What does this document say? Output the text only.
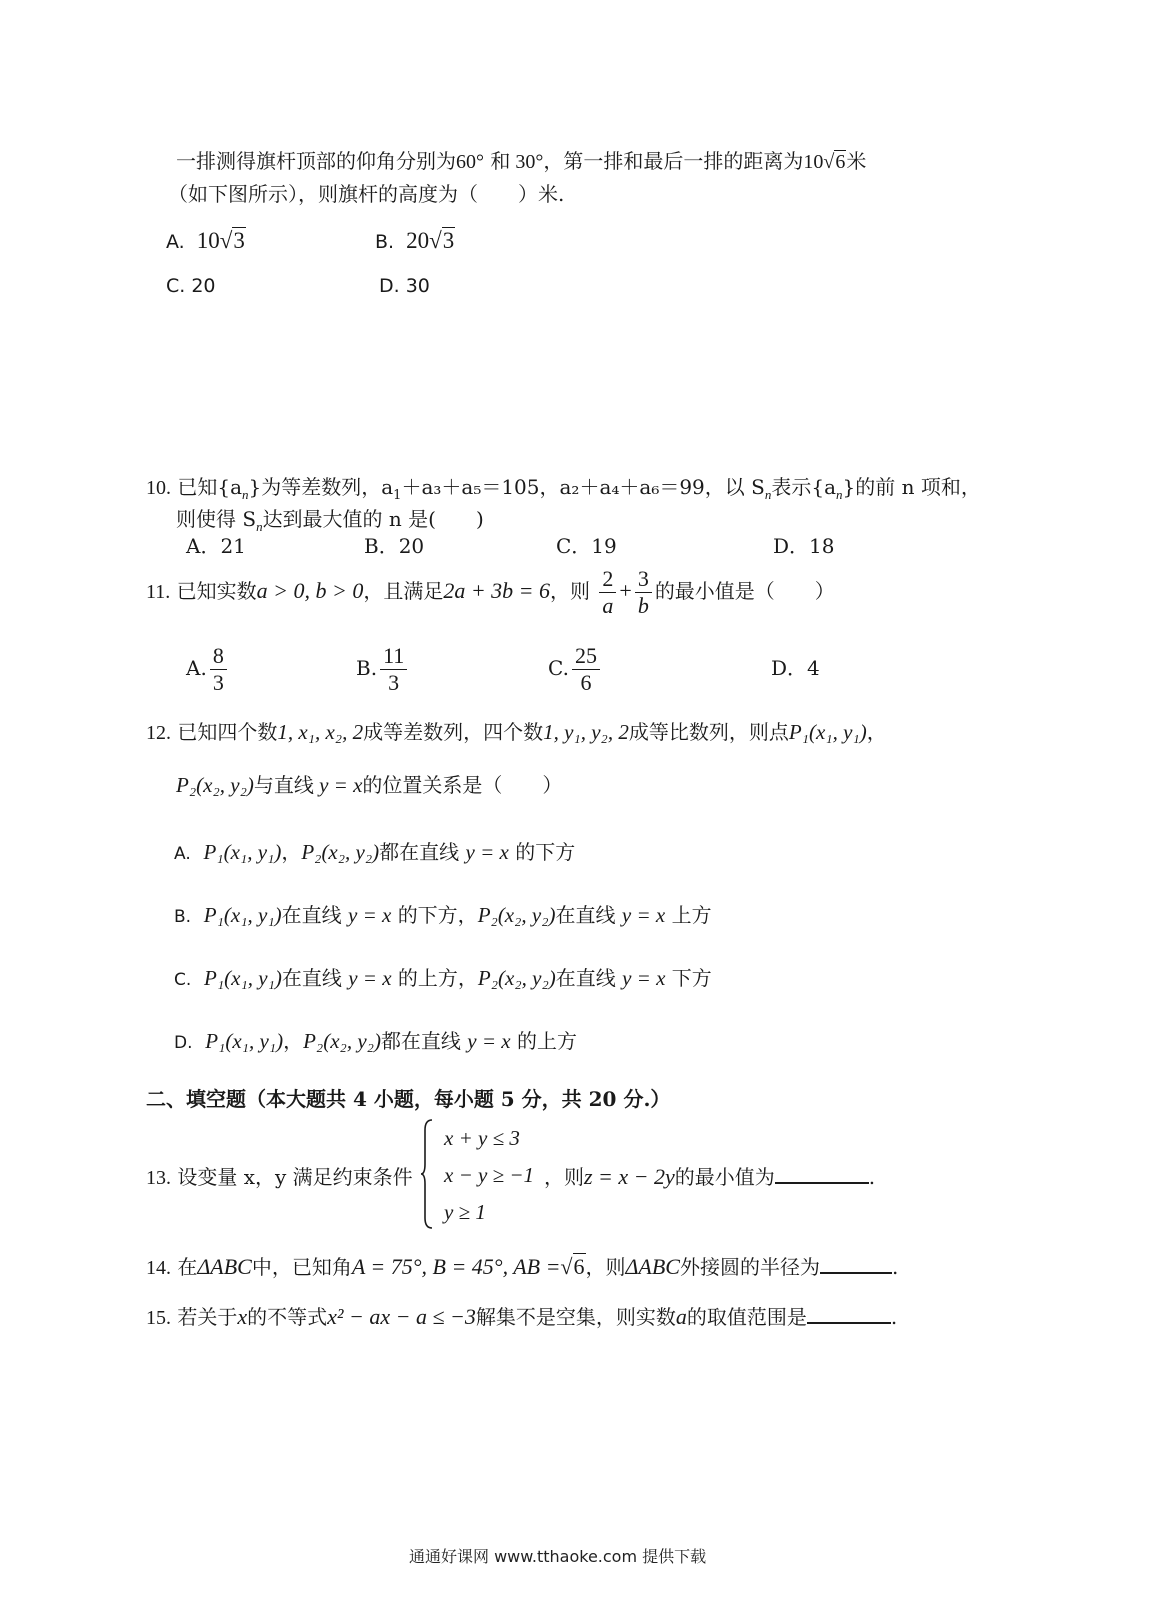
一排测得旗杆顶部的仰角分别为60° 和 30°，第一排和最后一排的距离为10√6米
（如下图所示），则旗杆的高度为（　　）米.
A. 10√3	B. 20√3
C. 20	D. 30
10. 已知$\{a_n\}$为等差数列，$a_1+a_3+a_5=105$，a₂＋a₄＋a₆＝99，以 $S_n$表示$\{a_n\}$的前 n 项和，
则使得 $S_n$达到最大值的 n 是(　　)
A．21	B．20	C．19	D．18
11. 已知实数a > 0, b > 0，且满足2a + 3b = 6，则 $\frac{2}{a} + \frac{3}{b}$ 的最小值是（　　）
A. $\frac{8}{3}$	B. $\frac{11}{3}$	C. $\frac{25}{6}$	D．4
12. 已知四个数1, x₁, x₂, 2成等差数列，四个数1, y₁, y₂, 2成等比数列，则点P₁(x₁, y₁)，
P₂(x₂, y₂)与直线 y = x的位置关系是（　　）
A. P₁(x₁, y₁)，P₂(x₂, y₂)都在直线 y = x 的下方
B. P₁(x₁, y₁)在直线 y = x 的下方，P₂(x₂, y₂)在直线 y = x 上方
C. P₁(x₁, y₁)在直线 y = x 的上方，P₂(x₂, y₂)在直线 y = x 下方
D. P₁(x₁, y₁)，P₂(x₂, y₂)都在直线 y = x 的上方
二、填空题（本大题共 4 小题，每小题 5 分，共 20 分.）
13. 设变量 x，y 满足约束条件
x + y ≤ 3
x − y ≥ −1
y ≥ 1
，则z = x − 2y的最小值为	.
14. 在ΔABC中，已知角A = 75°, B = 45°, AB =√6，则ΔABC外接圆的半径为	.
15. 若关于x的不等式x² − ax − a ≤ −3解集不是空集，则实数a的取值范围是	.
通通好课网 www.tthaoke.com 提供下载
